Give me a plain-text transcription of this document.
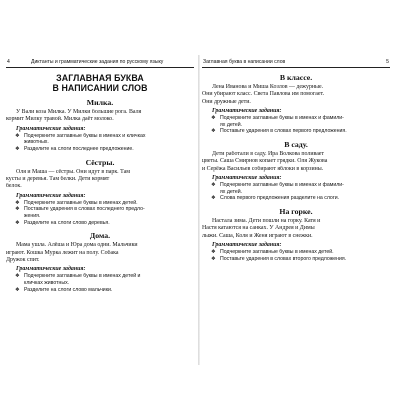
4	Диктанты и грамматические задания по русскому языку
ЗАГЛАВНАЯ БУКВА
В НАПИСАНИИ СЛОВ
Милка.
У Вали коза Милка. У Милки большие рога. Валя
кормит Милку травой. Милка даёт молоко.
Грамматические задания:
❖ Подчеркните заглавные буквы в именах и кличках
животных.
❖ Разделите на слоги последнее предложение.
Сёстры.
Оля и Маша — сёстры. Они идут в парк. Там
кусты и деревья. Там белки. Дети кормят
белок.
Грамматические задания:
❖ Подчеркните заглавные буквы в именах детей.
❖ Поставьте ударения в словах последнего предло-
жения.
❖ Разделите на слоги слово деревья.
Дома.
Мама ушла. Алёша и Юра дома одни. Мальчики
играют. Кошка Мурка лежит на полу. Собака
Дружок спит.
Грамматические задания:
❖ Подчеркните заглавные буквы в именах детей и
кличках животных.
❖ Разделите на слоги слово мальчики.
Заглавная буква в написании слов	5
В классе.
Лена Иванова и Миша Козлов — дежурные.
Они убирают класс. Света Павлова им помогает.
Они дружные дети.
Грамматические задания:
❖ Подчеркните заглавные буквы в именах и фамили-
ях детей.
❖ Поставьте ударения в словах первого предложения.
В саду.
Дети работали в саду. Ира Волкова поливает
цветы. Саша Смирнов копает грядки. Оля Жукова
и Серёжа Васильев собирают яблоки в корзины.
Грамматические задания:
❖ Подчеркните заглавные буквы в именах и фамили-
ях детей.
❖ Слова первого предложения разделите на слоги.
На горке.
Настала зима. Дети пошли на горку. Катя и
Настя катаются на санках. У Андрея и Димы
лыжи. Саша, Коля и Женя играют в снежки.
Грамматические задания:
❖ Подчеркните заглавные буквы в именах детей.
❖ Поставьте ударения в словах второго предложения.
